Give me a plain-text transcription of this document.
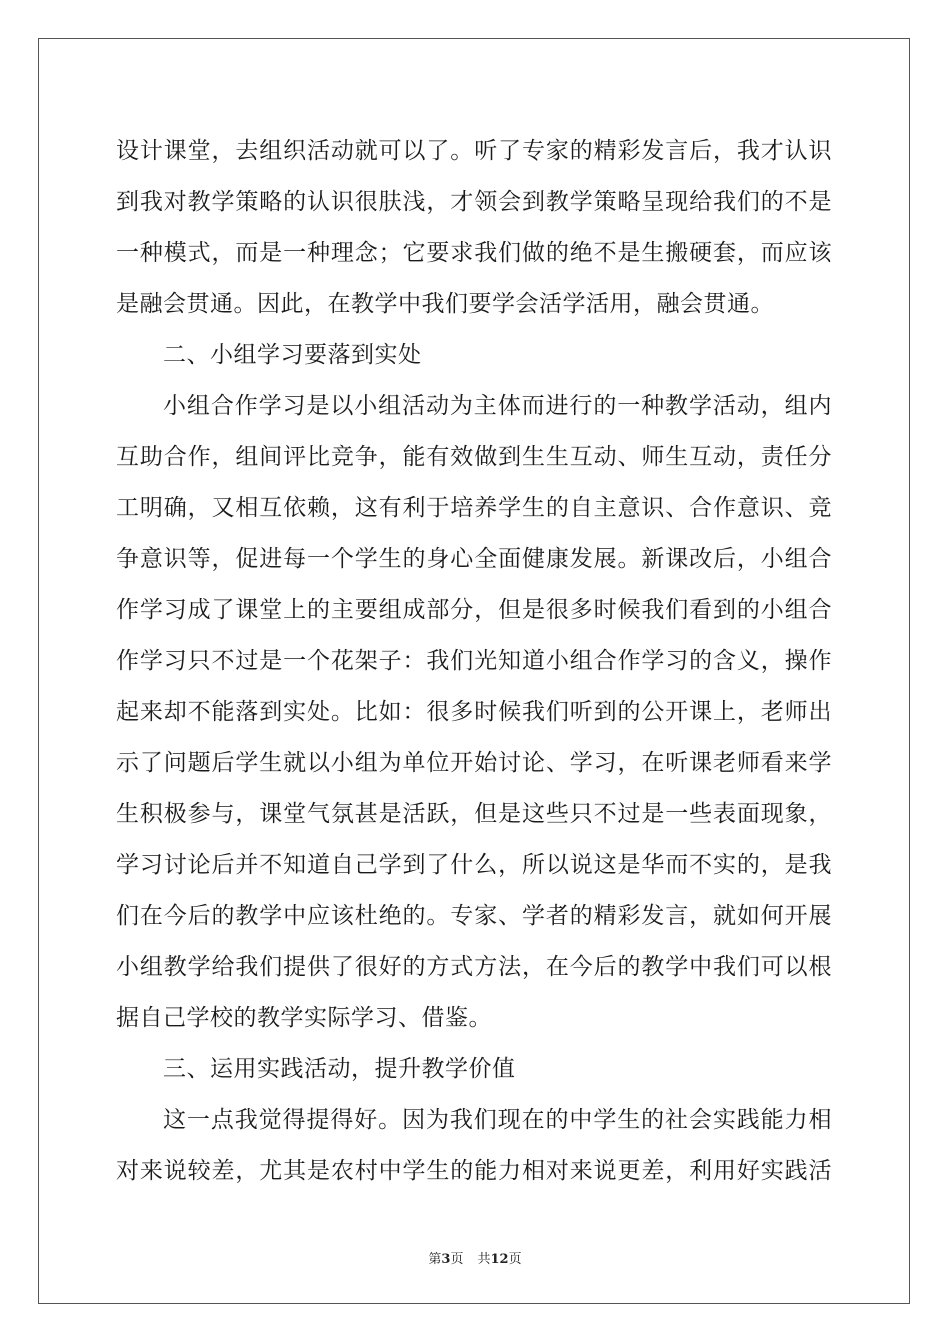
设计课堂，去组织活动就可以了。听了专家的精彩发言后，我才认识
到我对教学策略的认识很肤浅，才领会到教学策略呈现给我们的不是
一种模式，而是一种理念；它要求我们做的绝不是生搬硬套，而应该
是融会贯通。因此，在教学中我们要学会活学活用，融会贯通。
二、小组学习要落到实处
小组合作学习是以小组活动为主体而进行的一种教学活动，组内
互助合作，组间评比竞争，能有效做到生生互动、师生互动，责任分
工明确，又相互依赖，这有利于培养学生的自主意识、合作意识、竞
争意识等，促进每一个学生的身心全面健康发展。新课改后，小组合
作学习成了课堂上的主要组成部分，但是很多时候我们看到的小组合
作学习只不过是一个花架子：我们光知道小组合作学习的含义，操作
起来却不能落到实处。比如：很多时候我们听到的公开课上，老师出
示了问题后学生就以小组为单位开始讨论、学习，在听课老师看来学
生积极参与，课堂气氛甚是活跃，但是这些只不过是一些表面现象，
学习讨论后并不知道自己学到了什么，所以说这是华而不实的，是我
们在今后的教学中应该杜绝的。专家、学者的精彩发言，就如何开展
小组教学给我们提供了很好的方式方法，在今后的教学中我们可以根
据自己学校的教学实际学习、借鉴。
三、运用实践活动，提升教学价值
这一点我觉得提得好。因为我们现在的中学生的社会实践能力相
对来说较差，尤其是农村中学生的能力相对来说更差，利用好实践活
第3页 共12页
